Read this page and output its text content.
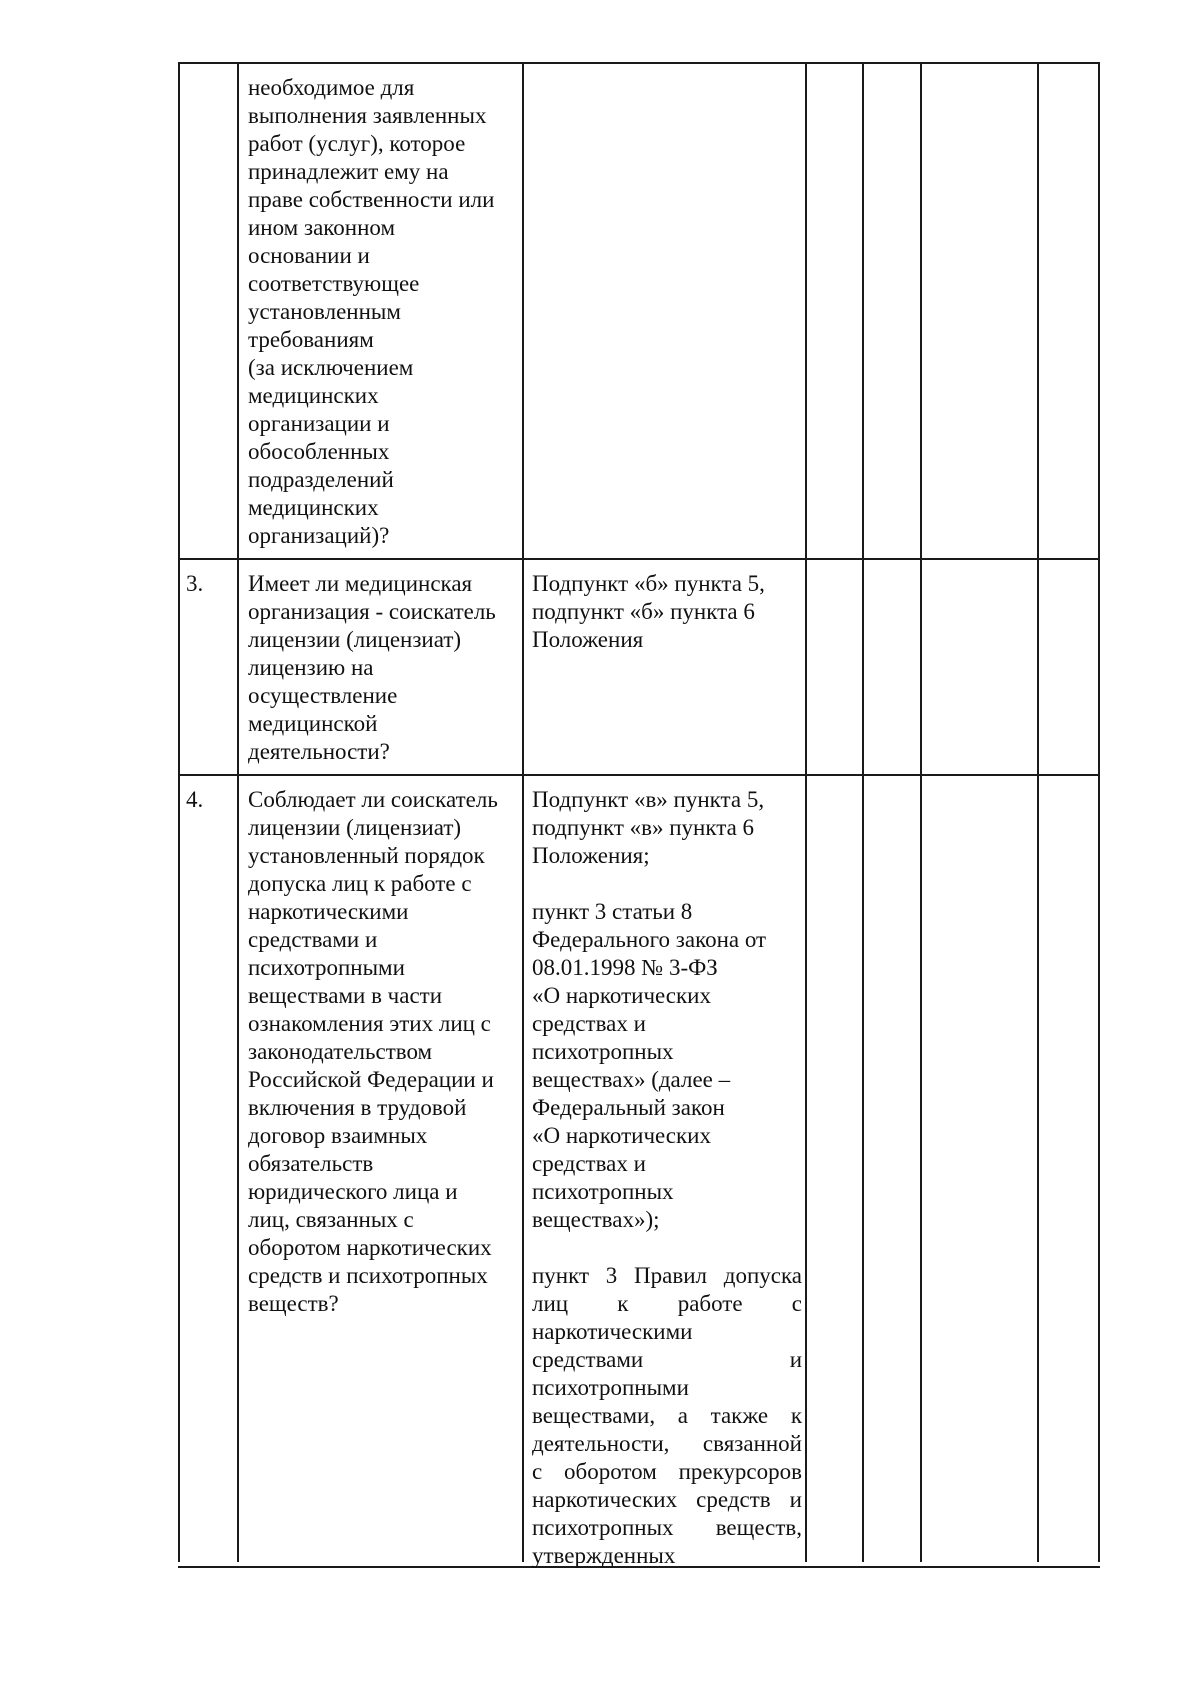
необходимое для
выполнения заявленных
работ (услуг), которое
принадлежит ему на
праве собственности или
ином законном
основании и
соответствующее
установленным
требованиям
(за исключением
медицинских
организации и
обособленных
подразделений
медицинских
организаций)?
3. Имеет ли медицинская
организация - соискатель
лицензии (лицензиат)
лицензию на
осуществление
медицинской
деятельности?
Подпункт «б» пункта 5,
подпункт «б» пункта 6
Положения
4. Соблюдает ли соискатель
лицензии (лицензиат)
установленный порядок
допуска лиц к работе с
наркотическими
средствами и
психотропными
веществами в части
ознакомления этих лиц с
законодательством
Российской Федерации и
включения в трудовой
договор взаимных
обязательств
юридического лица и
лиц, связанных с
оборотом наркотических
средств и психотропных
веществ?
Подпункт «в» пункта 5,
подпункт «в» пункта 6
Положения;
пункт 3 статьи 8
Федерального закона от
08.01.1998 № 3-ФЗ
«О наркотических
средствах и
психотропных
веществах» (далее –
Федеральный закон
«О наркотических
средствах и
психотропных
веществах»);
пункт 3 Правил допуска
лиц к работе с
наркотическими
средствами и
психотропными
веществами, а также к
деятельности, связанной
с оборотом прекурсоров
наркотических средств и
психотропных веществ,
утвержденных
